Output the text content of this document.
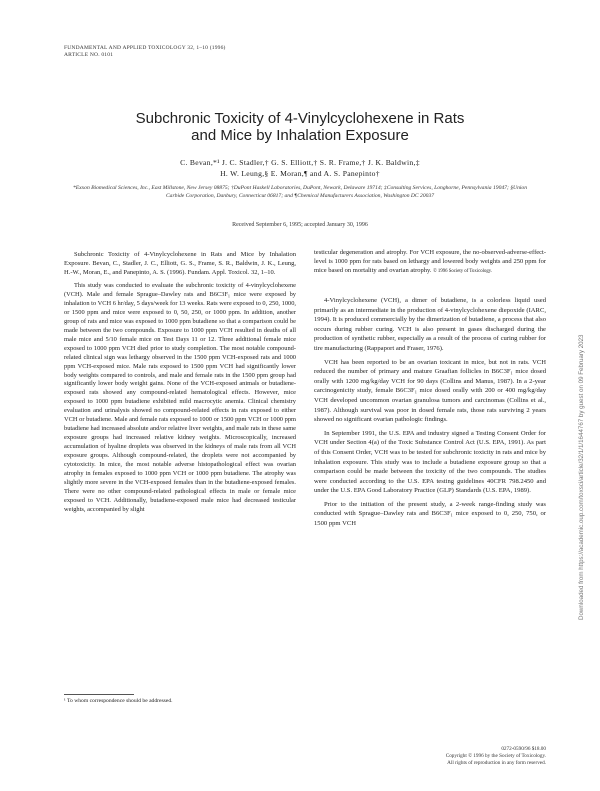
FUNDAMENTAL AND APPLIED TOXICOLOGY 32, 1–10 (1996)
ARTICLE NO. 0101
Subchronic Toxicity of 4-Vinylcyclohexene in Rats
and Mice by Inhalation Exposure
C. Bevan,*¹ J. C. Stadler,† G. S. Elliott,† S. R. Frame,† J. K. Baldwin,‡
H. W. Leung,§ E. Moran,¶ and A. S. Panepinto†
*Exxon Biomedical Sciences, Inc., East Millstone, New Jersey 08875; †DuPont Haskell Laboratories, DuPont, Newark, Delaware 19714; ‡Consulting Services, Longhorne, Pennsylvania 19047; §Union Carbide Corporation, Danbury, Connecticut 06817; and ¶Chemical Manufacturers Association, Washington DC 20037
Received September 6, 1995; accepted January 30, 1996

Subchronic Toxicity of 4-Vinylcyclohexene in Rats and Mice by Inhalation Exposure. Bevan, C., Stadler, J. C., Elliott, G. S., Frame, S. R., Baldwin, J. K., Leung, H.-W., Moran, E., and Panepinto, A. S. (1996). Fundam. Appl. Toxicol. 32, 1–10.

This study was conducted to evaluate the subchronic toxicity of 4-vinylcyclohexene (VCH). Male and female Sprague–Dawley rats and B6C3F₁ mice were exposed by inhalation to VCH 6 hr/day, 5 days/week for 13 weeks. Rats were exposed to 0, 250, 1000, or 1500 ppm and mice were exposed to 0, 50, 250, or 1000 ppm. In addition, another group of rats and mice was exposed to 1000 ppm butadiene so that a comparison could be made between the two compounds. Exposure to 1000 ppm VCH resulted in deaths of all male mice and 5/10 female mice on Test Days 11 or 12. Three additional female mice exposed to 1000 ppm VCH died prior to study completion. The most notable compound-related clinical sign was lethargy observed in the 1500 ppm VCH-exposed rats and 1000 ppm VCH-exposed mice. Male rats exposed to 1500 ppm VCH had significantly lower body weights compared to controls, and male and female rats in the 1500 ppm group had significantly lower body weight gains. None of the VCH-exposed animals or butadiene-exposed rats showed any compound-related hematological effects. However, mice exposed to 1000 ppm butadiene exhibited mild macrocytic anemia. Clinical chemistry evaluation and urinalysis showed no compound-related effects in rats exposed to either VCH or butadiene. Male and female rats exposed to 1000 or 1500 ppm VCH or 1000 ppm butadiene had increased absolute and/or relative liver weights, and male rats in these same exposure groups had increased relative kidney weights. Microscopically, increased accumulation of hyaline droplets was observed in the kidneys of male rats from all VCH exposure groups. Although compound-related, the droplets were not accompanied by cytotoxicity. In mice, the most notable adverse histopathological effect was ovarian atrophy in females exposed to 1000 ppm VCH or 1000 ppm butadiene. The atrophy was slightly more severe in the VCH-exposed females than in the butadiene-exposed females. There were no other compound-related pathological effects in male or female mice exposed to VCH. Additionally, butadiene-exposed male mice had decreased testicular weights, accompanied by slight

testicular degeneration and atrophy. For VCH exposure, the no-observed-adverse-effect-level is 1000 ppm for rats based on lethargy and lowered body weights and 250 ppm for mice based on mortality and ovarian atrophy. © 1996 Society of Toxicology.

4-Vinylcyclohexene (VCH), a dimer of butadiene, is a colorless liquid used primarily as an intermediate in the production of 4-vinylcyclohexene diepoxide (IARC, 1994). It is produced commercially by the dimerization of butadiene, a process that also occurs during rubber curing. VCH is also present in gases discharged during the production of synthetic rubber, especially as a result of the process of curing rubber for tire manufacturing (Rappaport and Fraser, 1976).

VCH has been reported to be an ovarian toxicant in mice, but not in rats. VCH reduced the number of primary and mature Graafian follicles in B6C3F₁ mice dosed orally with 1200 mg/kg/day VCH for 90 days (Collins and Manus, 1987). In a 2-year carcinogenicity study, female B6C3F₁ mice dosed orally with 200 or 400 mg/kg/day VCH developed uncommon ovarian granulosa tumors and carcinomas (Collins et al., 1987). Although survival was poor in dosed female rats, those rats surviving 2 years showed no significant ovarian pathologic findings.

In September 1991, the U.S. EPA and industry signed a Testing Consent Order for VCH under Section 4(a) of the Toxic Substance Control Act (U.S. EPA, 1991). As part of this Consent Order, VCH was to be tested for subchronic toxicity in rats and mice by inhalation exposure. This study was to include a butadiene exposure group so that a comparison could be made between the toxicity of the two compounds. The studies were conducted according to the U.S. EPA testing guidelines 40CFR 798.2450 and under the U.S. EPA Good Laboratory Practice (GLP) Standards (U.S. EPA, 1989).

Prior to the initiation of the present study, a 2-week range-finding study was conducted with Sprague–Dawley rats and B6C3F₁ mice exposed to 0, 250, 750, or 1500 ppm VCH

¹ To whom correspondence should be addressed.
0272-0590/96 $18.00
Copyright © 1996 by the Society of Toxicology.
All rights of reproduction in any form reserved.
Downloaded from https://academic.oup.com/toxsci/article/32/1/1/1644767 by guest on 09 February 2023
